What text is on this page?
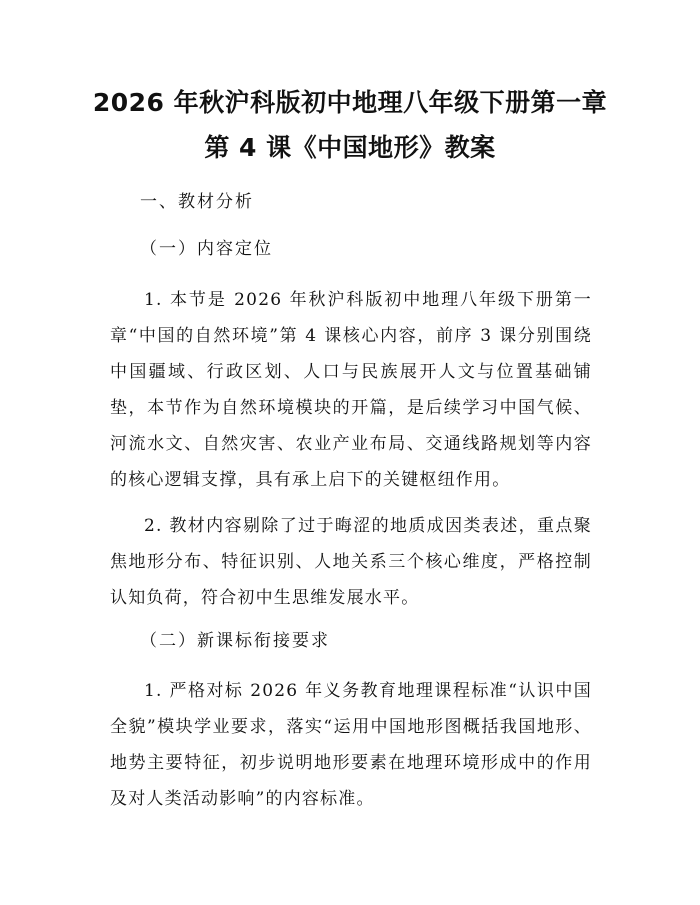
2026 年秋沪科版初中地理八年级下册第一章
第 4 课《中国地形》教案
一、教材分析
（一）内容定位

1. 本节是 2026 年秋沪科版初中地理八年级下册第一章“中国的自然环境”第 4 课核心内容，前序 3 课分别围绕中国疆域、行政区划、人口与民族展开人文与位置基础铺垫，本节作为自然环境模块的开篇，是后续学习中国气候、河流水文、自然灾害、农业产业布局、交通线路规划等内容的核心逻辑支撑，具有承上启下的关键枢纽作用。

2. 教材内容剔除了过于晦涩的地质成因类表述，重点聚焦地形分布、特征识别、人地关系三个核心维度，严格控制认知负荷，符合初中生思维发展水平。

（二）新课标衔接要求

1. 严格对标 2026 年义务教育地理课程标准“认识中国全貌”模块学业要求，落实“运用中国地形图概括我国地形、地势主要特征，初步说明地形要素在地理环境形成中的作用及对人类活动影响”的内容标准。
